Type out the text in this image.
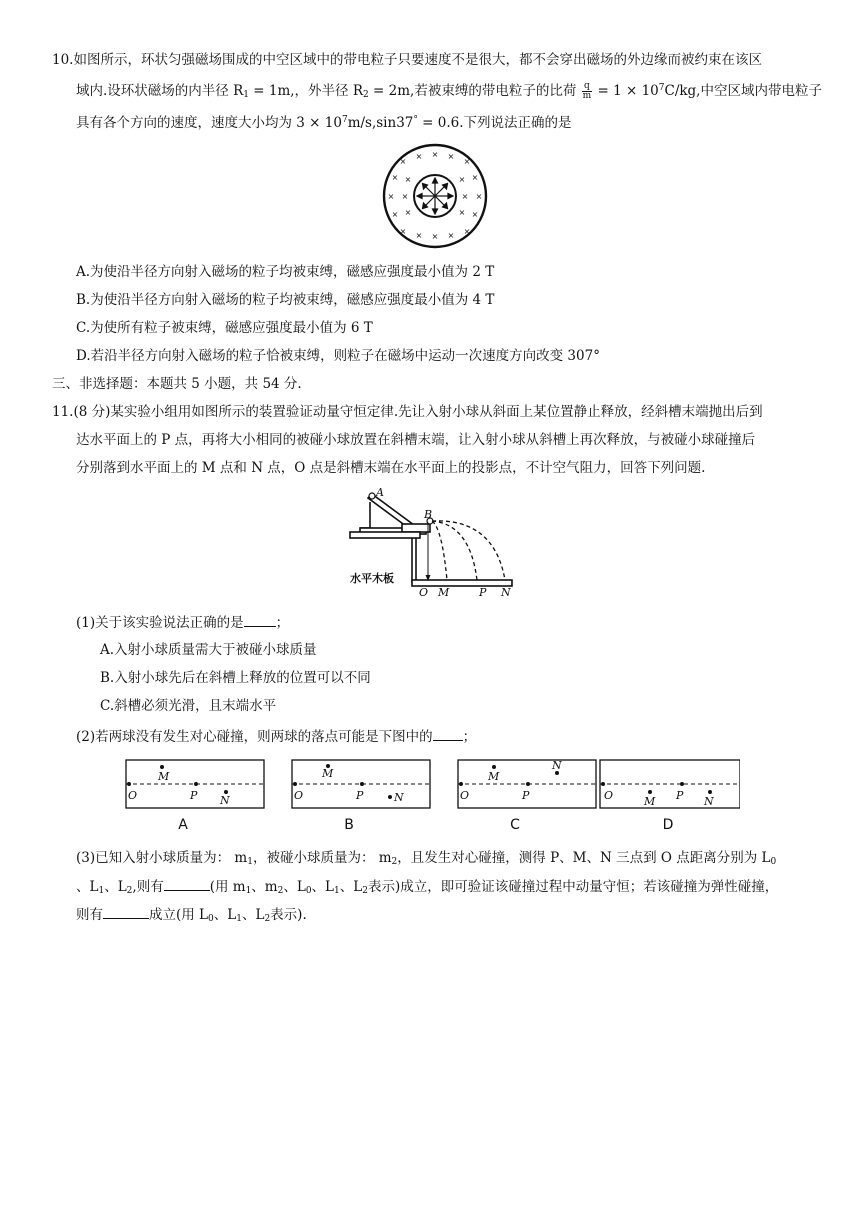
10.如图所示，环状匀强磁场围成的中空区域中的带电粒子只要速度不是很大，都不会穿出磁场的外边缘而被约束在该区
域内.设环状磁场的内半径 $R_1 = 1m$,，外半径 $R_2 = 2m$,若被束缚的带电粒子的比荷 $\frac{q}{m} = 1 \times 10^7C/kg$,中空区域内带电粒子
具有各个方向的速度，速度大小均为 $3 \times 10^7m/s,\sin 37^\circ = 0.6$.下列说法正确的是
×
× × ×
×
× ×	× ×
× ×	× ×
× ×	× ×
× × × × ×
A.为使沿半径方向射入磁场的粒子均被束缚，磁感应强度最小值为 2 T
B.为使沿半径方向射入磁场的粒子均被束缚，磁感应强度最小值为 4 T
C.为使所有粒子被束缚，磁感应强度最小值为 6 T
D.若沿半径方向射入磁场的粒子恰被束缚，则粒子在磁场中运动一次速度方向改变 307°
三、非选择题：本题共 5 小题，共 54 分.
11.(8 分)某实验小组用如图所示的装置验证动量守恒定律.先让入射小球从斜面上某位置静止释放，经斜槽末端抛出后到
达水平面上的 P 点，再将大小相同的被碰小球放置在斜槽末端，让入射小球从斜槽上再次释放，与被碰小球碰撞后
分别落到水平面上的 M 点和 N 点，O 点是斜槽末端在水平面上的投影点，不计空气阻力，回答下列问题.
A
B
O M	P N
水平木板
(1)关于该实验说法正确的是 ；
A.入射小球质量需大于被碰小球质量
B.入射小球先后在斜槽上释放的位置可以不同
C.斜槽必须光滑，且末端水平
(2)若两球没有发生对心碰撞，则两球的落点可能是下图中的 ；
O
M
P N	O
M
P	N	O
M
P
N
O	M P N
A	B	C	D
(3)已知入射小球质量为： $m_1$，被碰小球质量为： $m_2$，且发生对心碰撞，测得 P、M、N 三点到 O 点距离分别为 $L_0$
、$L_1$、$L_2$,则有	(用 $m_1$、$m_2$、$L_0$、$L_1$、$L_2$表示)成立，即可验证该碰撞过程中动量守恒；若该碰撞为弹性碰撞，
则有	成立(用 $L_0$、$L_1$、$L_2$表示).
